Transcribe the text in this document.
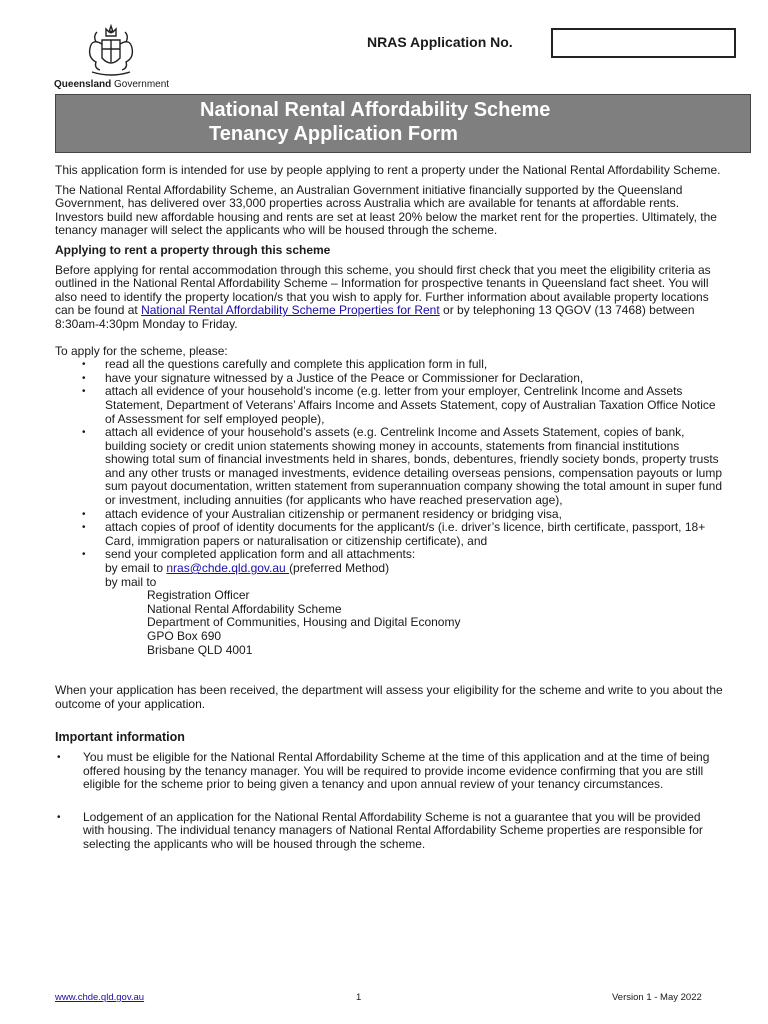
Queensland Government
NRAS Application No.
National Rental Affordability Scheme
Tenancy Application Form

This application form is intended for use by people applying to rent a property under the National Rental Affordability Scheme.

The National Rental Affordability Scheme, an Australian Government initiative financially supported by the Queensland Government, has delivered over 33,000 properties across Australia which are available for tenants at affordable rents. Investors build new affordable housing and rents are set at least 20% below the market rent for the properties. Ultimately, the tenancy manager will select the applicants who will be housed through the scheme.

Applying to rent a property through this scheme

Before applying for rental accommodation through this scheme, you should first check that you meet the eligibility criteria as outlined in the National Rental Affordability Scheme – Information for prospective tenants in Queensland fact sheet. You will also need to identify the property location/s that you wish to apply for. Further information about available property locations can be found at National Rental Affordability Scheme Properties for Rent or by telephoning 13 QGOV (13 7468) between 8:30am-4:30pm Monday to Friday.

To apply for the scheme, please:

• read all the questions carefully and complete this application form in full,
• have your signature witnessed by a Justice of the Peace or Commissioner for Declaration,
• attach all evidence of your household’s income (e.g. letter from your employer, Centrelink Income and Assets Statement, Department of Veterans’ Affairs Income and Assets Statement, copy of Australian Taxation Office Notice of Assessment for self employed people),
• attach all evidence of your household’s assets (e.g. Centrelink Income and Assets Statement, copies of bank, building society or credit union statements showing money in accounts, statements from financial institutions showing total sum of financial investments held in shares, bonds, debentures, friendly society bonds, property trusts and any other trusts or managed investments, evidence detailing overseas pensions, compensation payouts or lump sum payout documentation, written statement from superannuation company showing the total amount in super fund or investment, including annuities (for applicants who have reached preservation age),
• attach evidence of your Australian citizenship or permanent residency or bridging visa,
• attach copies of proof of identity documents for the applicant/s (i.e. driver’s licence, birth certificate, passport, 18+ Card, immigration papers or naturalisation or citizenship certificate), and
• send your completed application form and all attachments:
by email to nras@chde.qld.gov.au (preferred Method)
by mail to
Registration Officer
National Rental Affordability Scheme
Department of Communities, Housing and Digital Economy
GPO Box 690
Brisbane QLD 4001

When your application has been received, the department will assess your eligibility for the scheme and write to you about the outcome of your application.

Important information
• You must be eligible for the National Rental Affordability Scheme at the time of this application and at the time of being offered housing by the tenancy manager. You will be required to provide income evidence confirming that you are still eligible for the scheme prior to being given a tenancy and upon annual review of your tenancy circumstances.
• Lodgement of an application for the National Rental Affordability Scheme is not a guarantee that you will be provided with housing. The individual tenancy managers of National Rental Affordability Scheme properties are responsible for selecting the applicants who will be housed through the scheme.
www.chde.qld.gov.au	1	Version 1 - May 2022
